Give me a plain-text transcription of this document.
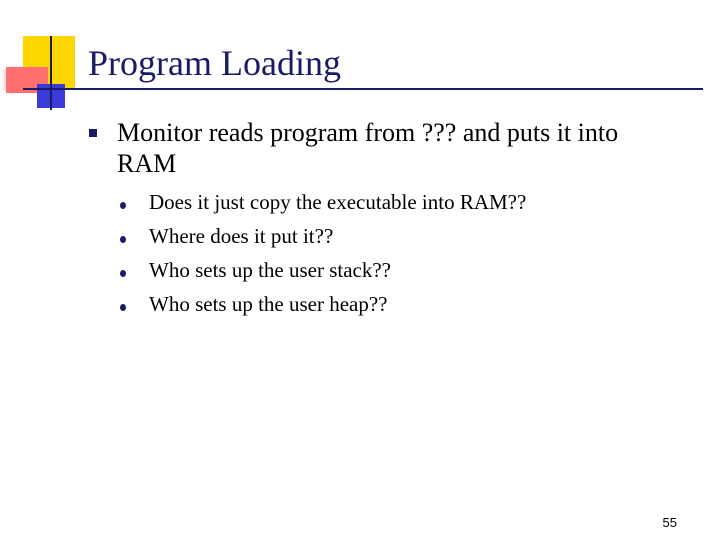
Program Loading
Monitor reads program from ??? and puts it into RAM
Does it just copy the executable into RAM??
Where does it put it??
Who sets up the user stack??
Who sets up the user heap??
55
